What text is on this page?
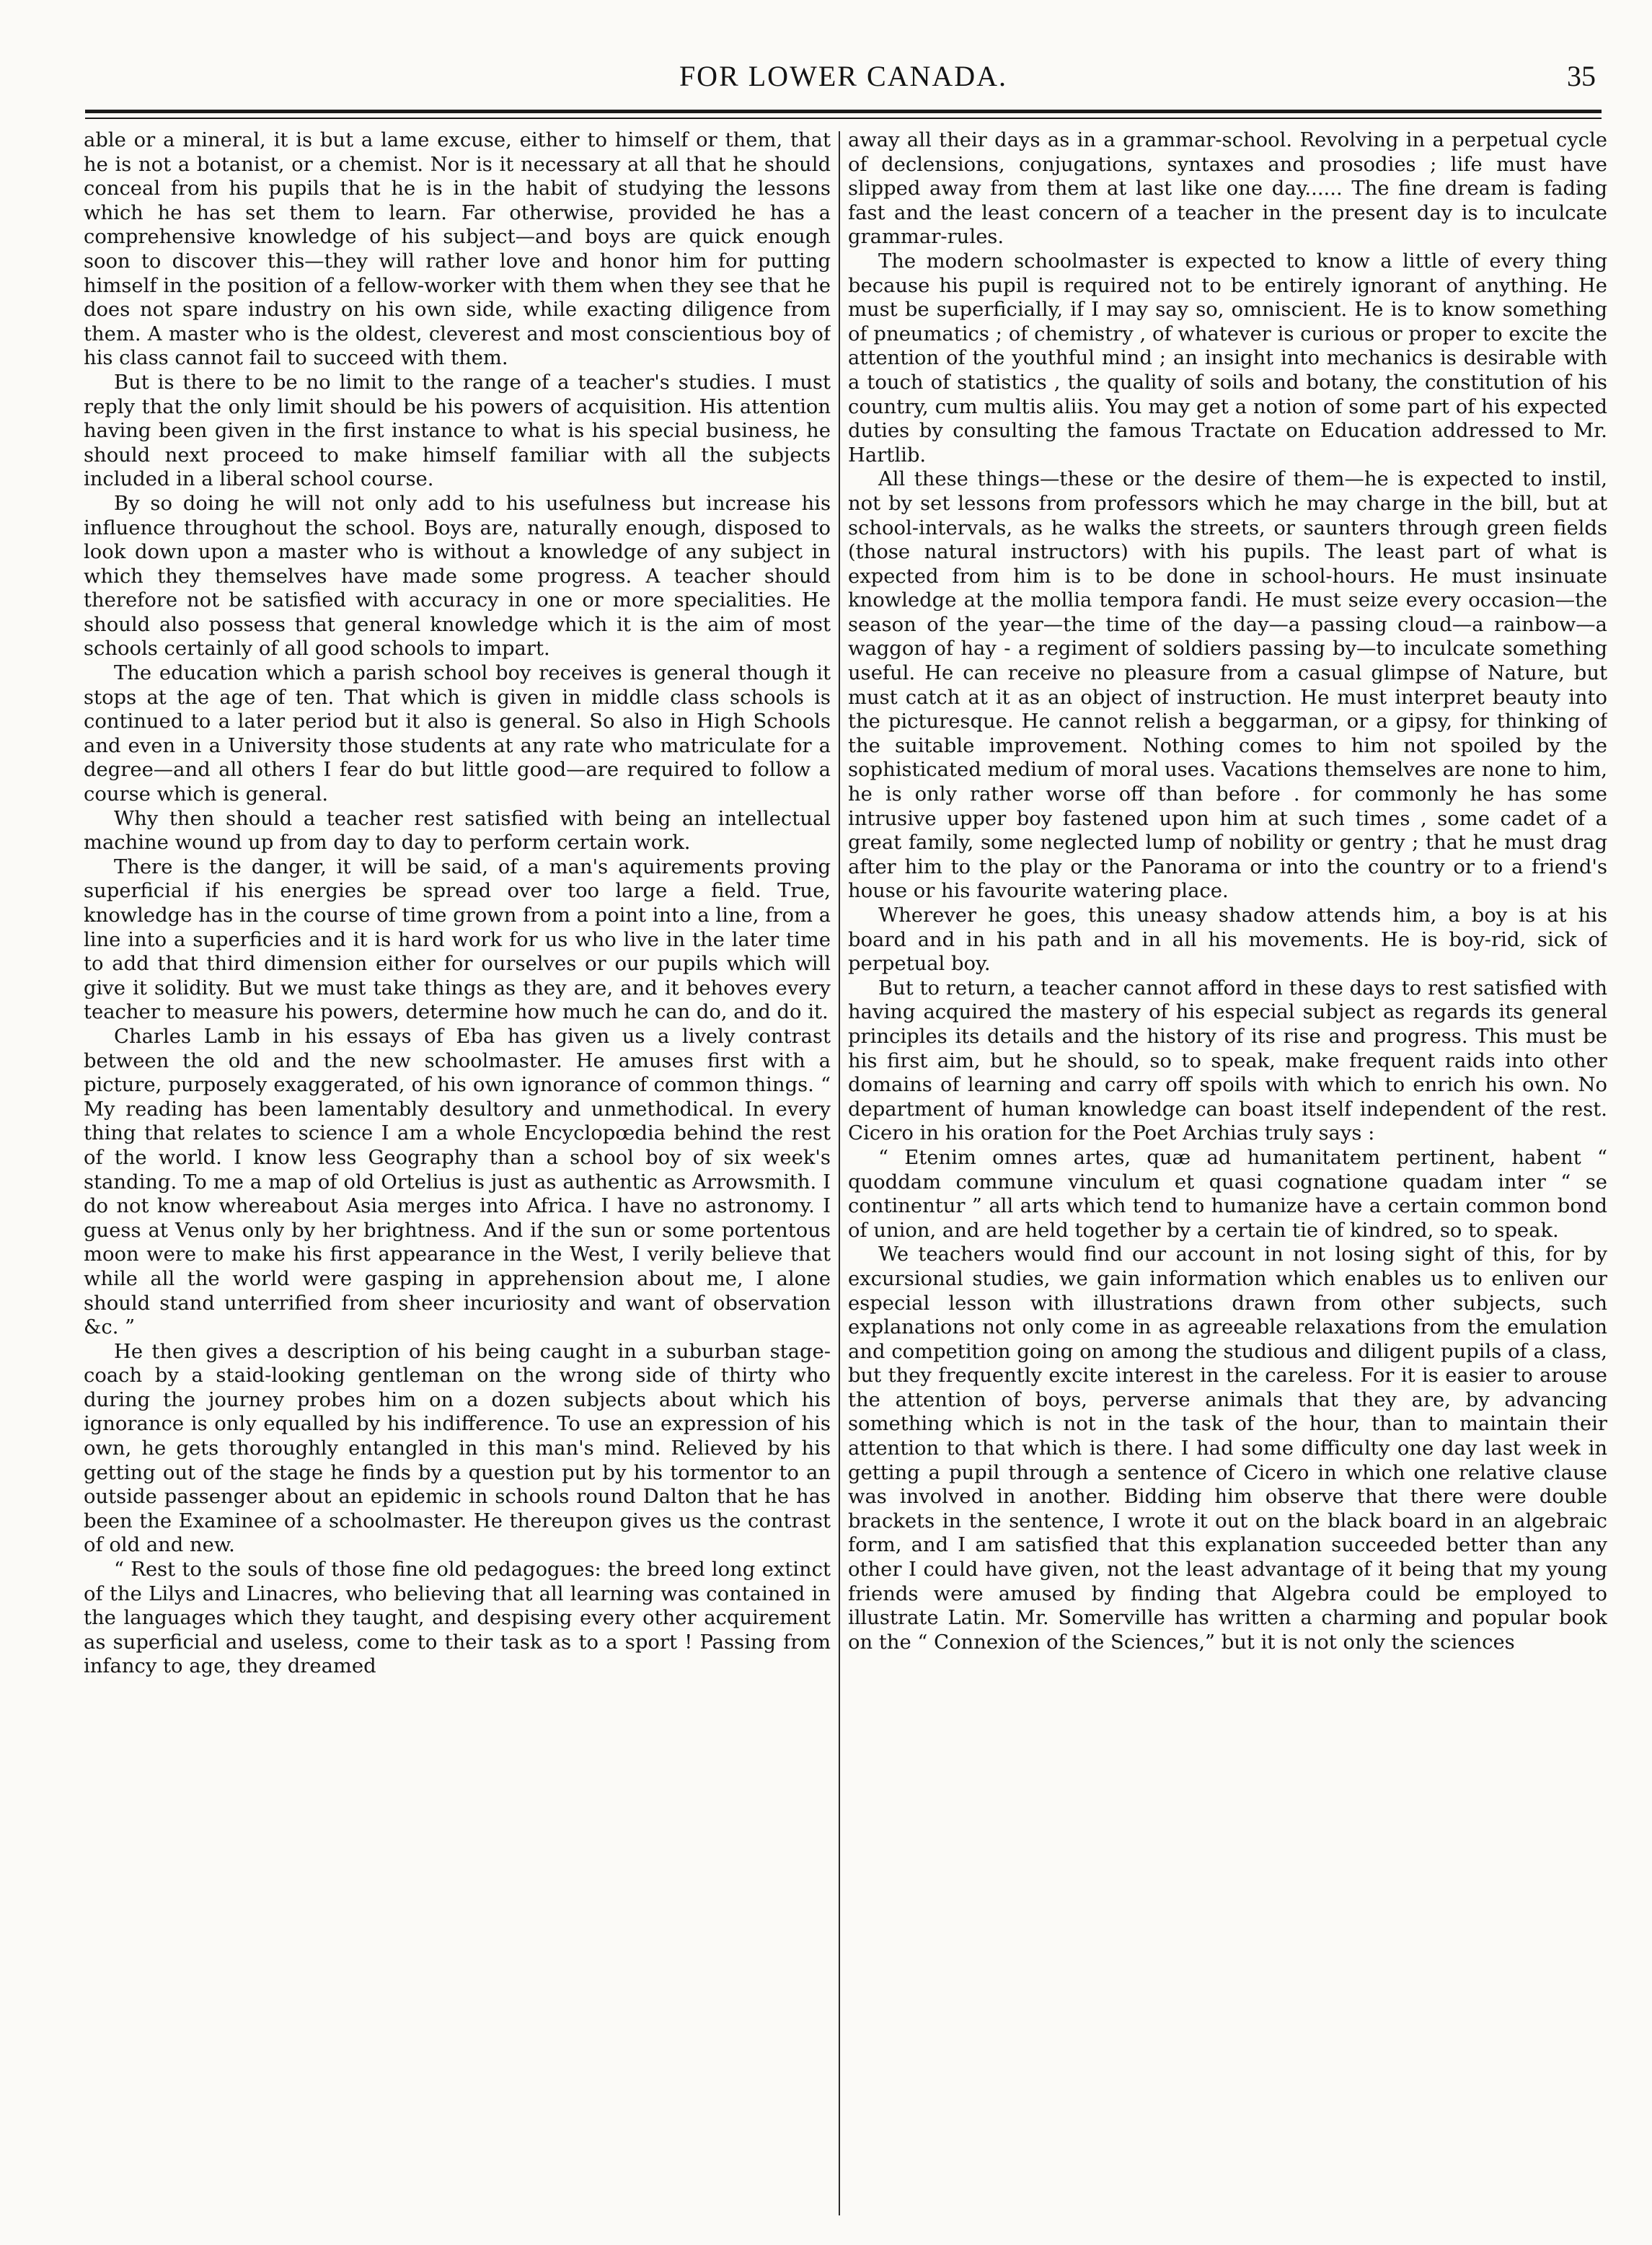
FOR LOWER CANADA.	35

able or a mineral, it is but a lame excuse, either to himself or them, that he is not a botanist, or a chemist. Nor is it necessary at all that he should conceal from his pupils that he is in the habit of studying the lessons which he has set them to learn. Far otherwise, provided he has a comprehensive knowledge of his subject—and boys are quick enough soon to discover this—they will rather love and honor him for putting himself in the position of a fellow-worker with them when they see that he does not spare industry on his own side, while exacting diligence from them. A master who is the oldest, cleverest and most conscientious boy of his class cannot fail to succeed with them.

But is there to be no limit to the range of a teacher's studies. I must reply that the only limit should be his powers of acquisition. His attention having been given in the first instance to what is his special business, he should next proceed to make himself familiar with all the subjects included in a liberal school course.

By so doing he will not only add to his usefulness but increase his influence throughout the school. Boys are, naturally enough, disposed to look down upon a master who is without a knowledge of any subject in which they themselves have made some progress. A teacher should therefore not be satisfied with accuracy in one or more specialities. He should also possess that general knowledge which it is the aim of most schools certainly of all good schools to impart.

The education which a parish school boy receives is general though it stops at the age of ten. That which is given in middle class schools is continued to a later period but it also is general. So also in High Schools and even in a University those students at any rate who matriculate for a degree—and all others I fear do but little good—are required to follow a course which is general.

Why then should a teacher rest satisfied with being an intellectual machine wound up from day to day to perform certain work.

There is the danger, it will be said, of a man's aquirements proving superficial if his energies be spread over too large a field. True, knowledge has in the course of time grown from a point into a line, from a line into a superficies and it is hard work for us who live in the later time to add that third dimension either for ourselves or our pupils which will give it solidity. But we must take things as they are, and it behoves every teacher to measure his powers, determine how much he can do, and do it.

Charles Lamb in his essays of Eba has given us a lively contrast between the old and the new schoolmaster. He amuses first with a picture, purposely exaggerated, of his own ignorance of common things. “ My reading has been lamentably desultory and unmethodical. In every thing that relates to science I am a whole Encyclopœdia behind the rest of the world. I know less Geography than a school boy of six week's standing. To me a map of old Ortelius is just as authentic as Arrowsmith. I do not know whereabout Asia merges into Africa. I have no astronomy. I guess at Venus only by her brightness. And if the sun or some portentous moon were to make his first appearance in the West, I verily believe that while all the world were gasping in apprehension about me, I alone should stand unterrified from sheer incuriosity and want of observation &c. ”

He then gives a description of his being caught in a suburban stage-coach by a staid-looking gentleman on the wrong side of thirty who during the journey probes him on a dozen subjects about which his ignorance is only equalled by his indifference. To use an expression of his own, he gets thoroughly entangled in this man's mind. Relieved by his getting out of the stage he finds by a question put by his tormentor to an outside passenger about an epidemic in schools round Dalton that he has been the Examinee of a schoolmaster. He thereupon gives us the contrast of old and new.

“ Rest to the souls of those fine old pedagogues: the breed long extinct of the Lilys and Linacres, who believing that all learning was contained in the languages which they taught, and despising every other acquirement as superficial and useless, come to their task as to a sport ! Passing from infancy to age, they dreamed

away all their days as in a grammar-school. Revolving in a perpetual cycle of declensions, conjugations, syntaxes and prosodies ; life must have slipped away from them at last like one day...... The fine dream is fading fast and the least concern of a teacher in the present day is to inculcate grammar-rules.

The modern schoolmaster is expected to know a little of every thing because his pupil is required not to be entirely ignorant of anything. He must be superficially, if I may say so, omniscient. He is to know something of pneumatics ; of chemistry , of whatever is curious or proper to excite the attention of the youthful mind ; an insight into mechanics is desirable with a touch of statistics , the quality of soils and botany, the constitution of his country, cum multis aliis. You may get a notion of some part of his expected duties by consulting the famous Tractate on Education addressed to Mr. Hartlib.

All these things—these or the desire of them—he is expected to instil, not by set lessons from professors which he may charge in the bill, but at school-intervals, as he walks the streets, or saunters through green fields (those natural instructors) with his pupils. The least part of what is expected from him is to be done in school-hours. He must insinuate knowledge at the mollia tempora fandi. He must seize every occasion—the season of the year—the time of the day—a passing cloud—a rainbow—a waggon of hay - a regiment of soldiers passing by—to inculcate something useful. He can receive no pleasure from a casual glimpse of Nature, but must catch at it as an object of instruction. He must interpret beauty into the picturesque. He cannot relish a beggarman, or a gipsy, for thinking of the suitable improvement. Nothing comes to him not spoiled by the sophisticated medium of moral uses. Vacations themselves are none to him, he is only rather worse off than before . for commonly he has some intrusive upper boy fastened upon him at such times , some cadet of a great family, some neglected lump of nobility or gentry ; that he must drag after him to the play or the Panorama or into the country or to a friend's house or his favourite watering place.

Wherever he goes, this uneasy shadow attends him, a boy is at his board and in his path and in all his movements. He is boy-rid, sick of perpetual boy.

But to return, a teacher cannot afford in these days to rest satisfied with having acquired the mastery of his especial subject as regards its general principles its details and the history of its rise and progress. This must be his first aim, but he should, so to speak, make frequent raids into other domains of learning and carry off spoils with which to enrich his own. No department of human knowledge can boast itself independent of the rest. Cicero in his oration for the Poet Archias truly says :

“ Etenim omnes artes, quæ ad humanitatem pertinent, habent “ quoddam commune vinculum et quasi cognatione quadam inter “ se continentur ” all arts which tend to humanize have a certain common bond of union, and are held together by a certain tie of kindred, so to speak.

We teachers would find our account in not losing sight of this, for by excursional studies, we gain information which enables us to enliven our especial lesson with illustrations drawn from other subjects, such explanations not only come in as agreeable relaxations from the emulation and competition going on among the studious and diligent pupils of a class, but they frequently excite interest in the careless. For it is easier to arouse the attention of boys, perverse animals that they are, by advancing something which is not in the task of the hour, than to maintain their attention to that which is there. I had some difficulty one day last week in getting a pupil through a sentence of Cicero in which one relative clause was involved in another. Bidding him observe that there were double brackets in the sentence, I wrote it out on the black board in an algebraic form, and I am satisfied that this explanation succeeded better than any other I could have given, not the least advantage of it being that my young friends were amused by finding that Algebra could be employed to illustrate Latin. Mr. Somerville has written a charming and popular book on the “ Connexion of the Sciences,” but it is not only the sciences
